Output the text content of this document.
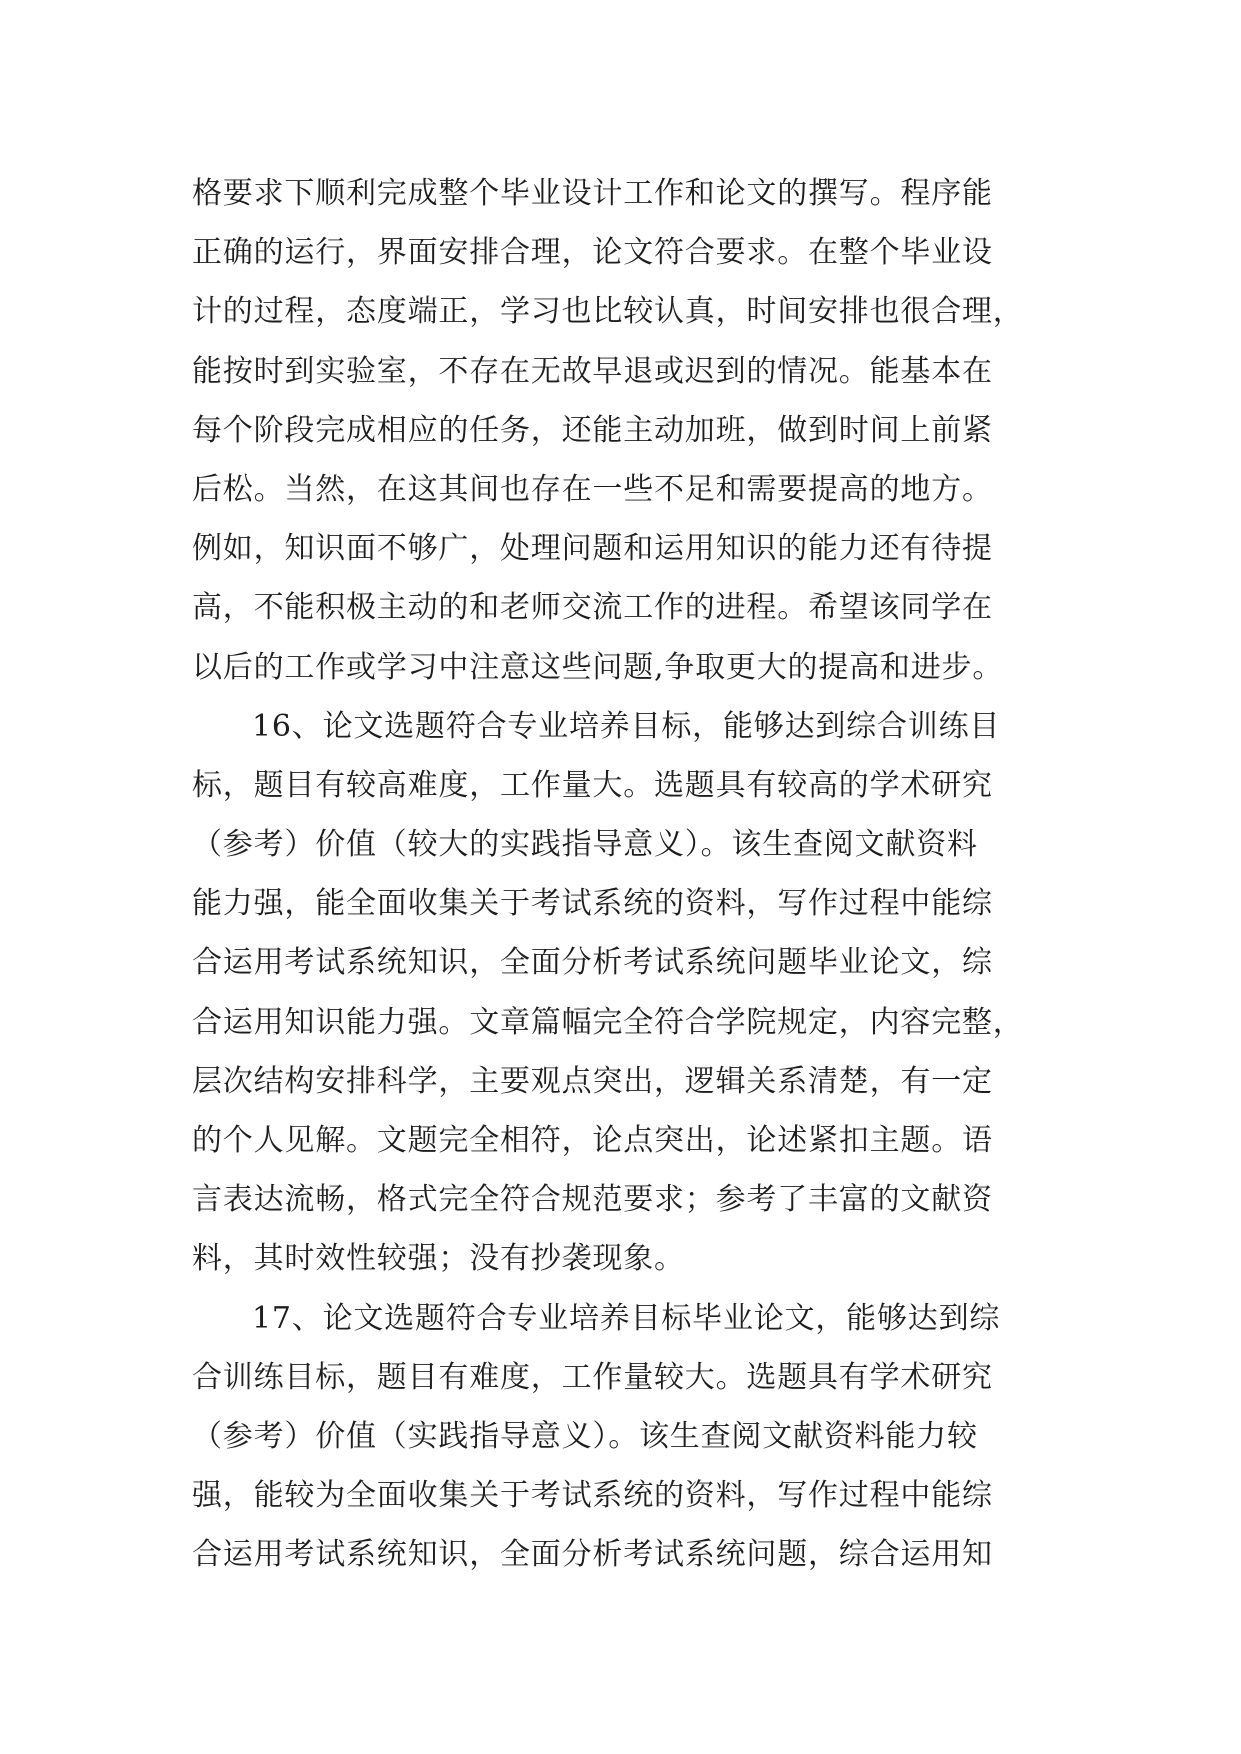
格要求下顺利完成整个毕业设计工作和论文的撰写。程序能
正确的运行，界面安排合理，论文符合要求。在整个毕业设
计的过程，态度端正，学习也比较认真，时间安排也很合理，
能按时到实验室，不存在无故早退或迟到的情况。能基本在
每个阶段完成相应的任务，还能主动加班，做到时间上前紧
后松。当然，在这其间也存在一些不足和需要提高的地方。
例如，知识面不够广，处理问题和运用知识的能力还有待提
高，不能积极主动的和老师交流工作的进程。希望该同学在
以后的工作或学习中注意这些问题,争取更大的提高和进步。
16、论文选题符合专业培养目标，能够达到综合训练目
标，题目有较高难度，工作量大。选题具有较高的学术研究
（参考）价值（较大的实践指导意义）。该生查阅文献资料
能力强，能全面收集关于考试系统的资料，写作过程中能综
合运用考试系统知识，全面分析考试系统问题毕业论文，综
合运用知识能力强。文章篇幅完全符合学院规定，内容完整，
层次结构安排科学，主要观点突出，逻辑关系清楚，有一定
的个人见解。文题完全相符，论点突出，论述紧扣主题。语
言表达流畅，格式完全符合规范要求；参考了丰富的文献资
料，其时效性较强；没有抄袭现象。
17、论文选题符合专业培养目标毕业论文，能够达到综
合训练目标，题目有难度，工作量较大。选题具有学术研究
（参考）价值（实践指导意义）。该生查阅文献资料能力较
强，能较为全面收集关于考试系统的资料，写作过程中能综
合运用考试系统知识，全面分析考试系统问题，综合运用知
